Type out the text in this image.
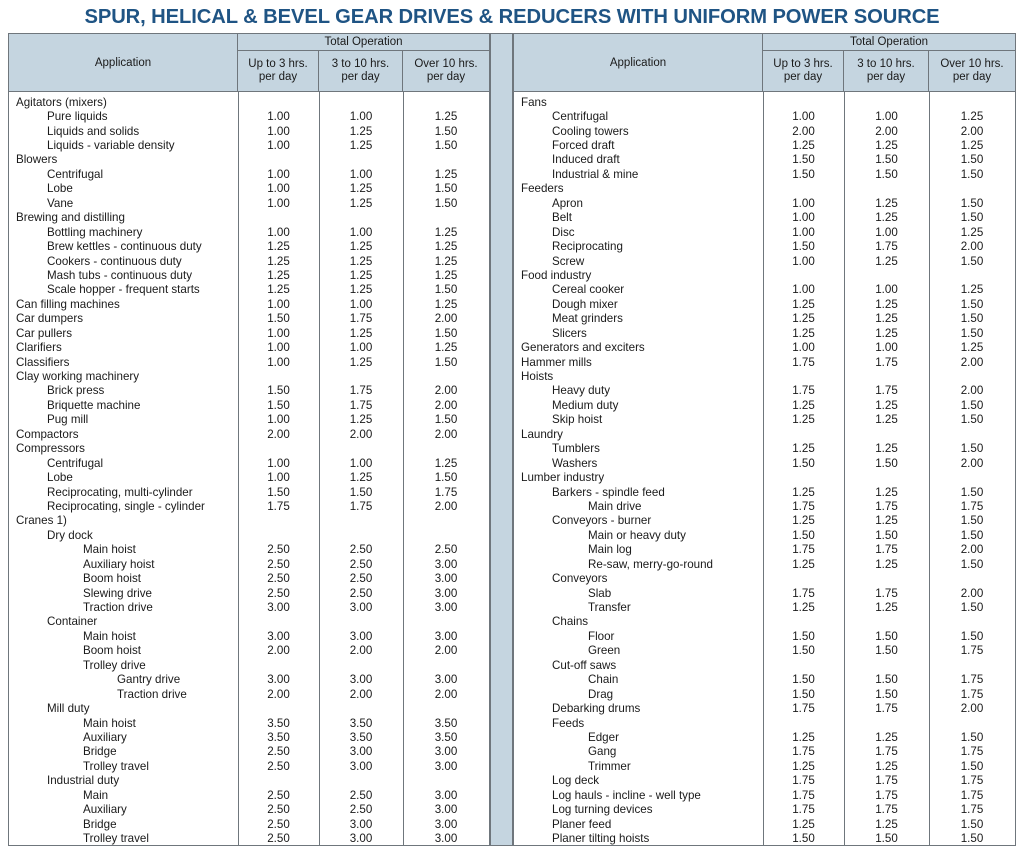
SPUR, HELICAL & BEVEL GEAR DRIVES & REDUCERS WITH UNIFORM POWER SOURCE
Application
Total Operation
Up to 3 hrs.
per day
3 to 10 hrs.
per day
Over 10 hrs.
per day
Agitators (mixers)
Pure liquids	1.00	1.00	1.25
Liquids and solids	1.00	1.25	1.50
Liquids - variable density	1.00	1.25	1.50
Blowers
Centrifugal	1.00	1.00	1.25
Lobe	1.00	1.25	1.50
Vane	1.00	1.25	1.50
Brewing and distilling
Bottling machinery	1.00	1.00	1.25
Brew kettles - continuous duty	1.25	1.25	1.25
Cookers - continuous duty	1.25	1.25	1.25
Mash tubs - continuous duty	1.25	1.25	1.25
Scale hopper - frequent starts	1.25	1.25	1.50
Can filling machines	1.00	1.00	1.25
Car dumpers	1.50	1.75	2.00
Car pullers	1.00	1.25	1.50
Clarifiers	1.00	1.00	1.25
Classifiers	1.00	1.25	1.50
Clay working machinery
Brick press	1.50	1.75	2.00
Briquette machine	1.50	1.75	2.00
Pug mill	1.00	1.25	1.50
Compactors	2.00	2.00	2.00
Compressors
Centrifugal	1.00	1.00	1.25
Lobe	1.00	1.25	1.50
Reciprocating, multi-cylinder	1.50	1.50	1.75
Reciprocating, single - cylinder	1.75	1.75	2.00
Cranes 1)
Dry dock
Main hoist	2.50	2.50	2.50
Auxiliary hoist	2.50	2.50	3.00
Boom hoist	2.50	2.50	3.00
Slewing drive	2.50	2.50	3.00
Traction drive	3.00	3.00	3.00
Container
Main hoist	3.00	3.00	3.00
Boom hoist	2.00	2.00	2.00
Trolley drive
Gantry drive	3.00	3.00	3.00
Traction drive	2.00	2.00	2.00
Mill duty
Main hoist	3.50	3.50	3.50
Auxiliary	3.50	3.50	3.50
Bridge	2.50	3.00	3.00
Trolley travel	2.50	3.00	3.00
Industrial duty
Main	2.50	2.50	3.00
Auxiliary	2.50	2.50	3.00
Bridge	2.50	3.00	3.00
Trolley travel	2.50	3.00	3.00
Application
Total Operation
Up to 3 hrs.
per day
3 to 10 hrs.
per day
Over 10 hrs.
per day
Fans
Centrifugal	1.00	1.00	1.25
Cooling towers	2.00	2.00	2.00
Forced draft	1.25	1.25	1.25
Induced draft	1.50	1.50	1.50
Industrial & mine	1.50	1.50	1.50
Feeders
Apron	1.00	1.25	1.50
Belt	1.00	1.25	1.50
Disc	1.00	1.00	1.25
Reciprocating	1.50	1.75	2.00
Screw	1.00	1.25	1.50
Food industry
Cereal cooker	1.00	1.00	1.25
Dough mixer	1.25	1.25	1.50
Meat grinders	1.25	1.25	1.50
Slicers	1.25	1.25	1.50
Generators and exciters	1.00	1.00	1.25
Hammer mills	1.75	1.75	2.00
Hoists
Heavy duty	1.75	1.75	2.00
Medium duty	1.25	1.25	1.50
Skip hoist	1.25	1.25	1.50
Laundry
Tumblers	1.25	1.25	1.50
Washers	1.50	1.50	2.00
Lumber industry
Barkers - spindle feed	1.25	1.25	1.50
Main drive	1.75	1.75	1.75
Conveyors - burner	1.25	1.25	1.50
Main or heavy duty	1.50	1.50	1.50
Main log	1.75	1.75	2.00
Re-saw, merry-go-round	1.25	1.25	1.50
Conveyors
Slab	1.75	1.75	2.00
Transfer	1.25	1.25	1.50
Chains
Floor	1.50	1.50	1.50
Green	1.50	1.50	1.75
Cut-off saws
Chain	1.50	1.50	1.75
Drag	1.50	1.50	1.75
Debarking drums	1.75	1.75	2.00
Feeds
Edger	1.25	1.25	1.50
Gang	1.75	1.75	1.75
Trimmer	1.25	1.25	1.50
Log deck	1.75	1.75	1.75
Log hauls - incline - well type	1.75	1.75	1.75
Log turning devices	1.75	1.75	1.75
Planer feed	1.25	1.25	1.50
Planer tilting hoists	1.50	1.50	1.50
